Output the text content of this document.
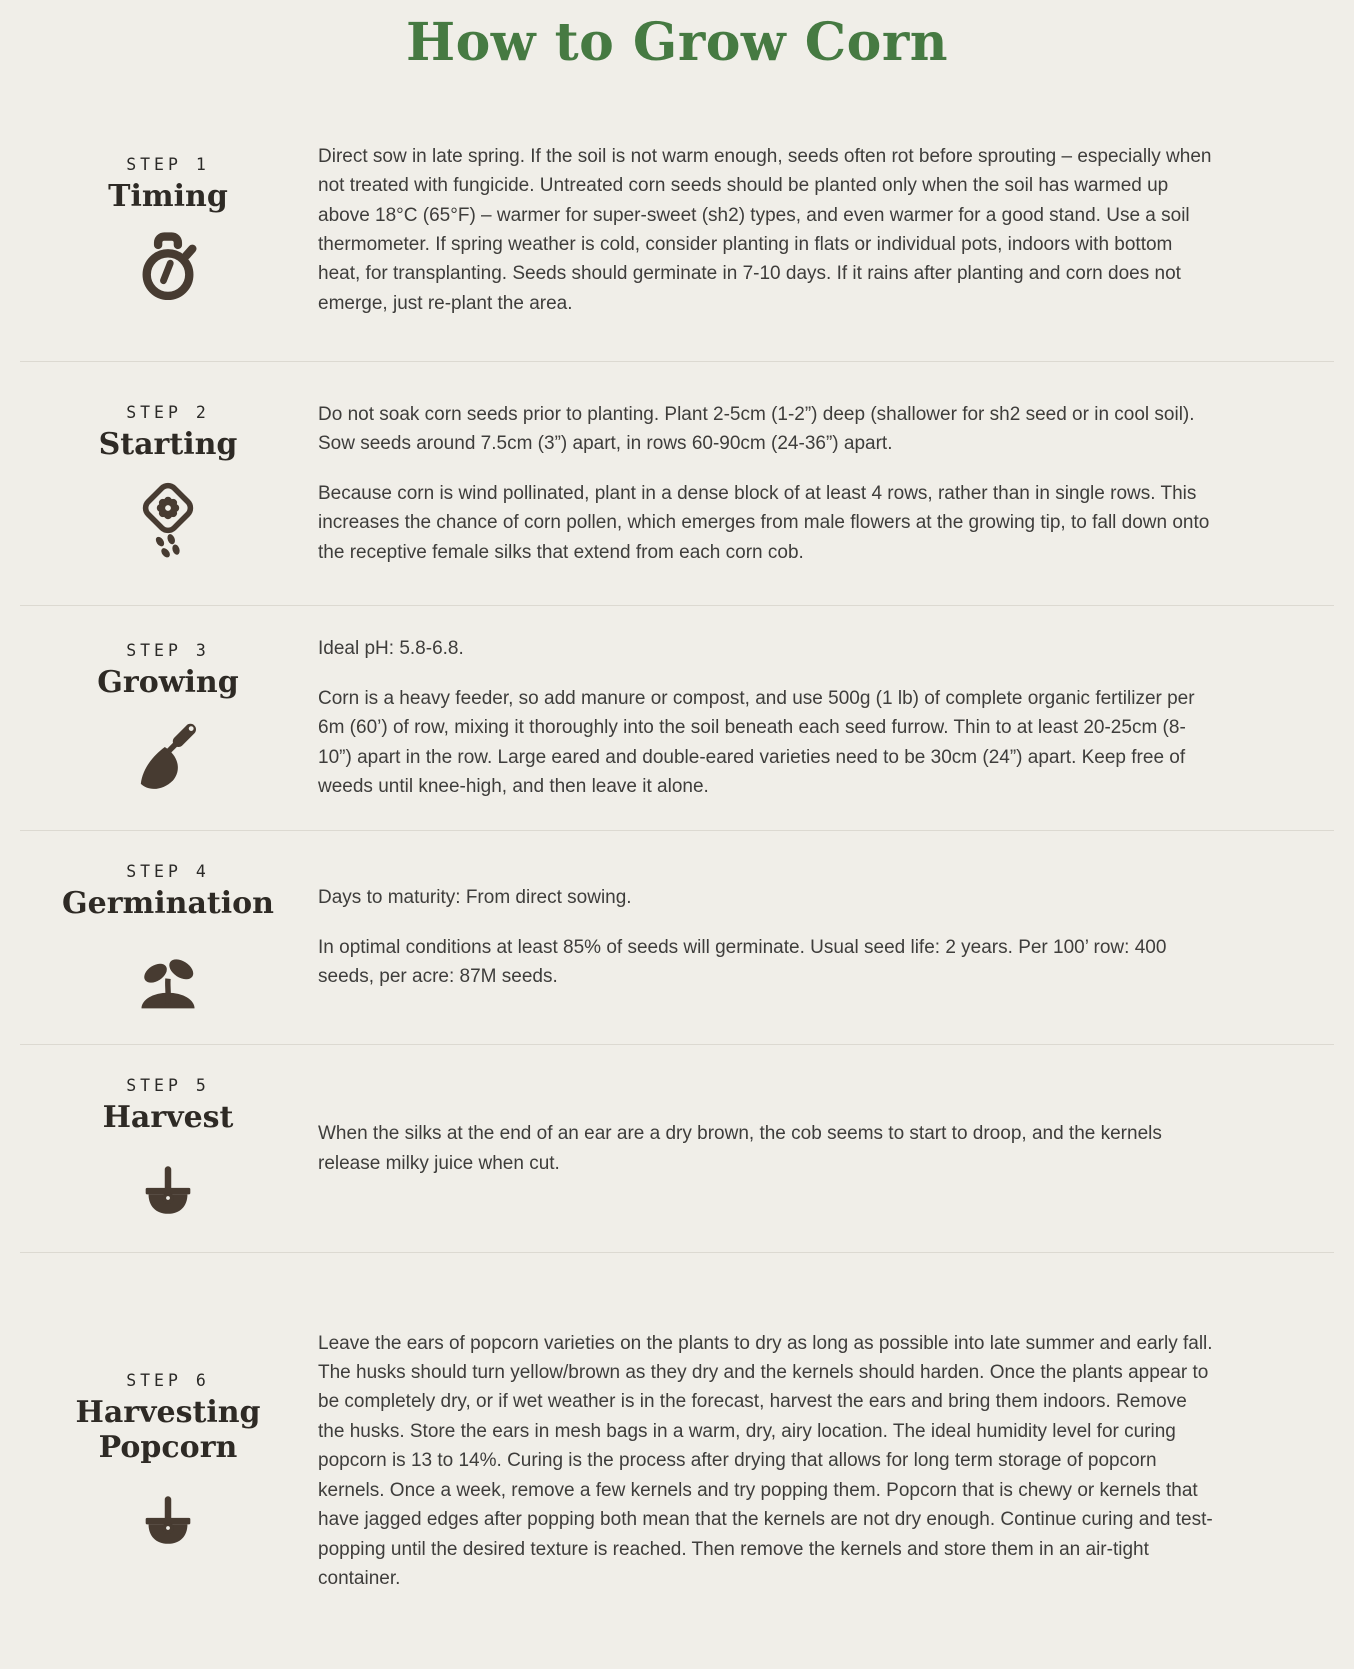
How to Grow Corn
STEP 1
Timing

Direct sow in late spring. If the soil is not warm enough, seeds often rot before sprouting – especially when not treated with fungicide. Untreated corn seeds should be planted only when the soil has warmed up above 18°C (65°F) – warmer for super-sweet (sh2) types, and even warmer for a good stand. Use a soil thermometer. If spring weather is cold, consider planting in flats or individual pots, indoors with bottom heat, for transplanting. Seeds should germinate in 7-10 days. If it rains after planting and corn does not emerge, just re-plant the area.

STEP 2
Starting

Do not soak corn seeds prior to planting. Plant 2-5cm (1-2”) deep (shallower for sh2 seed or in cool soil). Sow seeds around 7.5cm (3”) apart, in rows 60-90cm (24-36”) apart.

Because corn is wind pollinated, plant in a dense block of at least 4 rows, rather than in single rows. This increases the chance of corn pollen, which emerges from male flowers at the growing tip, to fall down onto the receptive female silks that extend from each corn cob.

STEP 3
Growing

Ideal pH: 5.8-6.8.

Corn is a heavy feeder, so add manure or compost, and use 500g (1 lb) of complete organic fertilizer per 6m (60’) of row, mixing it thoroughly into the soil beneath each seed furrow. Thin to at least 20-25cm (8-10”) apart in the row. Large eared and double-eared varieties need to be 30cm (24”) apart. Keep free of weeds until knee-high, and then leave it alone.

STEP 4
Germination Days to maturity: From direct sowing.

In optimal conditions at least 85% of seeds will germinate. Usual seed life: 2 years. Per 100’ row: 400 seeds, per acre: 87M seeds.

STEP 5
Harvest	When the silks at the end of an ear are a dry brown, the cob seems to start to droop, and the kernels release milky juice when cut.

STEP 6
Harvesting Popcorn

Leave the ears of popcorn varieties on the plants to dry as long as possible into late summer and early fall. The husks should turn yellow/brown as they dry and the kernels should harden. Once the plants appear to be completely dry, or if wet weather is in the forecast, harvest the ears and bring them indoors. Remove the husks. Store the ears in mesh bags in a warm, dry, airy location. The ideal humidity level for curing popcorn is 13 to 14%. Curing is the process after drying that allows for long term storage of popcorn kernels. Once a week, remove a few kernels and try popping them. Popcorn that is chewy or kernels that have jagged edges after popping both mean that the kernels are not dry enough. Continue curing and test-popping until the desired texture is reached. Then remove the kernels and store them in an air-tight container.
